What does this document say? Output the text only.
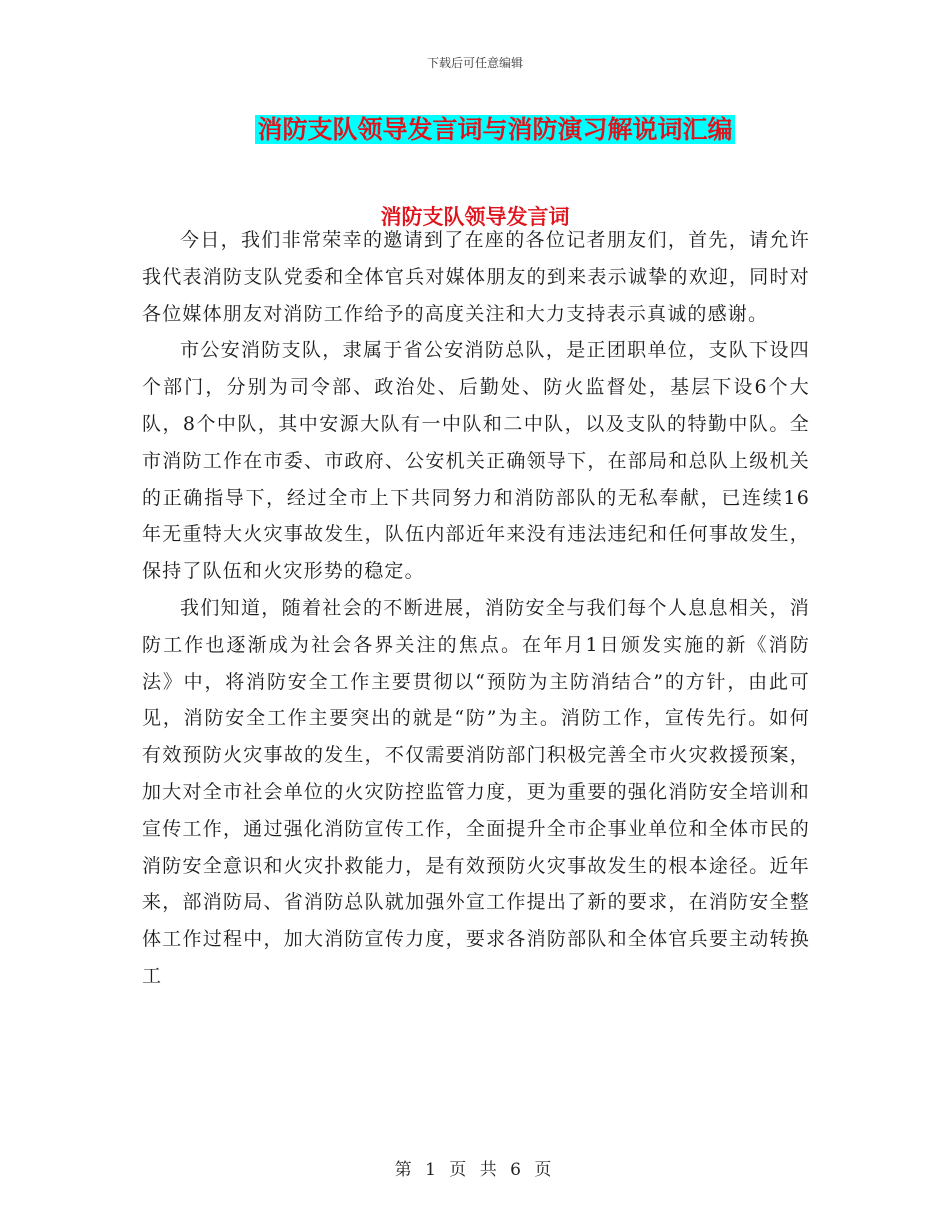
下载后可任意编辑
消防支队领导发言词与消防演习解说词汇编
消防支队领导发言词

今日，我们非常荣幸的邀请到了在座的各位记者朋友们，首先，请允许我代表消防支队党委和全体官兵对媒体朋友的到来表示诚挚的欢迎，同时对各位媒体朋友对消防工作给予的高度关注和大力支持表示真诚的感谢。

市公安消防支队，隶属于省公安消防总队，是正团职单位，支队下设四个部门，分别为司令部、政治处、后勤处、防火监督处，基层下设6个大队，8个中队，其中安源大队有一中队和二中队，以及支队的特勤中队。全市消防工作在市委、市政府、公安机关正确领导下，在部局和总队上级机关的正确指导下，经过全市上下共同努力和消防部队的无私奉献，已连续16年无重特大火灾事故发生，队伍内部近年来没有违法违纪和任何事故发生，保持了队伍和火灾形势的稳定。

我们知道，随着社会的不断进展，消防安全与我们每个人息息相关，消防工作也逐渐成为社会各界关注的焦点。在年月1日颁发实施的新《消防法》中，将消防安全工作主要贯彻以“预防为主防消结合”的方针，由此可见，消防安全工作主要突出的就是“防”为主。消防工作，宣传先行。如何有效预防火灾事故的发生，不仅需要消防部门积极完善全市火灾救援预案，加大对全市社会单位的火灾防控监管力度，更为重要的强化消防安全培训和宣传工作，通过强化消防宣传工作，全面提升全市企事业单位和全体市民的消防安全意识和火灾扑救能力，是有效预防火灾事故发生的根本途径。近年来，部消防局、省消防总队就加强外宣工作提出了新的要求，在消防安全整体工作过程中，加大消防宣传力度，要求各消防部队和全体官兵要主动转换工

第 1 页 共 6 页
